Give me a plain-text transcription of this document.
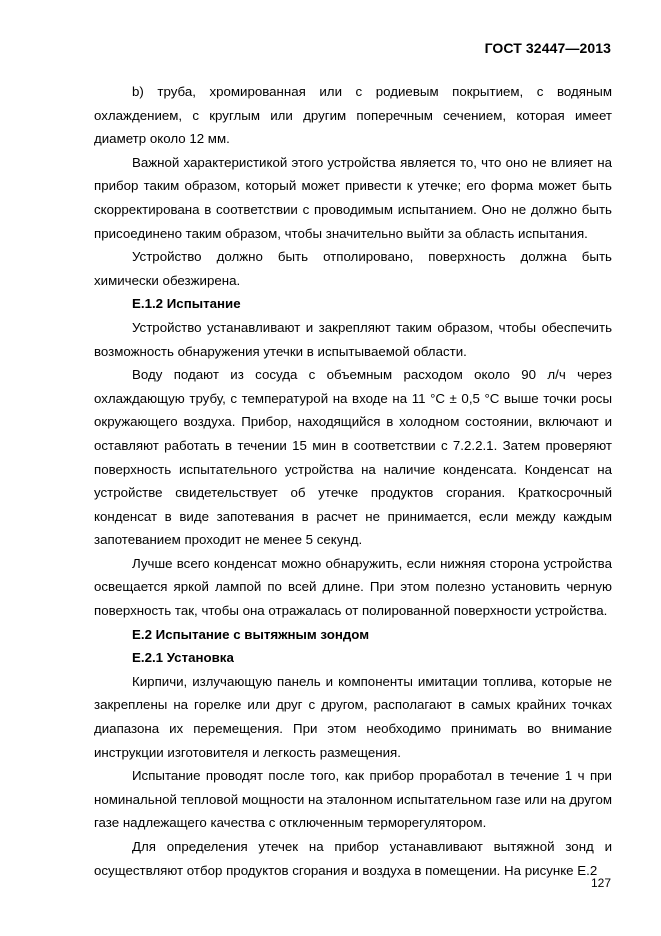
ГОСТ 32447—2013

b) труба, хромированная или с родиевым покрытием, с водяным охлаждением, с круглым или другим поперечным сечением, которая имеет диаметр около 12 мм.

Важной характеристикой этого устройства является то, что оно не влияет на прибор таким образом, который может привести к утечке; его форма может быть скорректирована в соответствии с проводимым испытанием. Оно не должно быть присоединено таким образом, чтобы значительно выйти за область испытания.

Устройство должно быть отполировано, поверхность должна быть химически обезжирена.

Е.1.2 Испытание

Устройство устанавливают и закрепляют таким образом, чтобы обеспечить возможность обнаружения утечки в испытываемой области.

Воду подают из сосуда с объемным расходом около 90 л/ч через охлаждающую трубу, с температурой на входе на 11 °С ± 0,5 °С выше точки росы окружающего воздуха. Прибор, находящийся в холодном состоянии, включают и оставляют работать в течении 15 мин в соответствии с 7.2.2.1. Затем проверяют поверхность испытательного устройства на наличие конденсата. Конденсат на устройстве свидетельствует об утечке продуктов сгорания. Краткосрочный конденсат в виде запотевания в расчет не принимается, если между каждым запотеванием проходит не менее 5 секунд.

Лучше всего конденсат можно обнаружить, если нижняя сторона устройства освещается яркой лампой по всей длине. При этом полезно установить черную поверхность так, чтобы она отражалась от полированной поверхности устройства.

Е.2 Испытание с вытяжным зондом

Е.2.1 Установка

Кирпичи, излучающую панель и компоненты имитации топлива, которые не закреплены на горелке или друг с другом, располагают в самых крайних точках диапазона их перемещения. При этом необходимо принимать во внимание инструкции изготовителя и легкость размещения.

Испытание проводят после того, как прибор проработал в течение 1 ч при номинальной тепловой мощности на эталонном испытательном газе или на другом газе надлежащего качества с отключенным терморегулятором.

Для определения утечек на прибор устанавливают вытяжной зонд и осуществляют отбор продуктов сгорания и воздуха в помещении. На рисунке Е.2

127
